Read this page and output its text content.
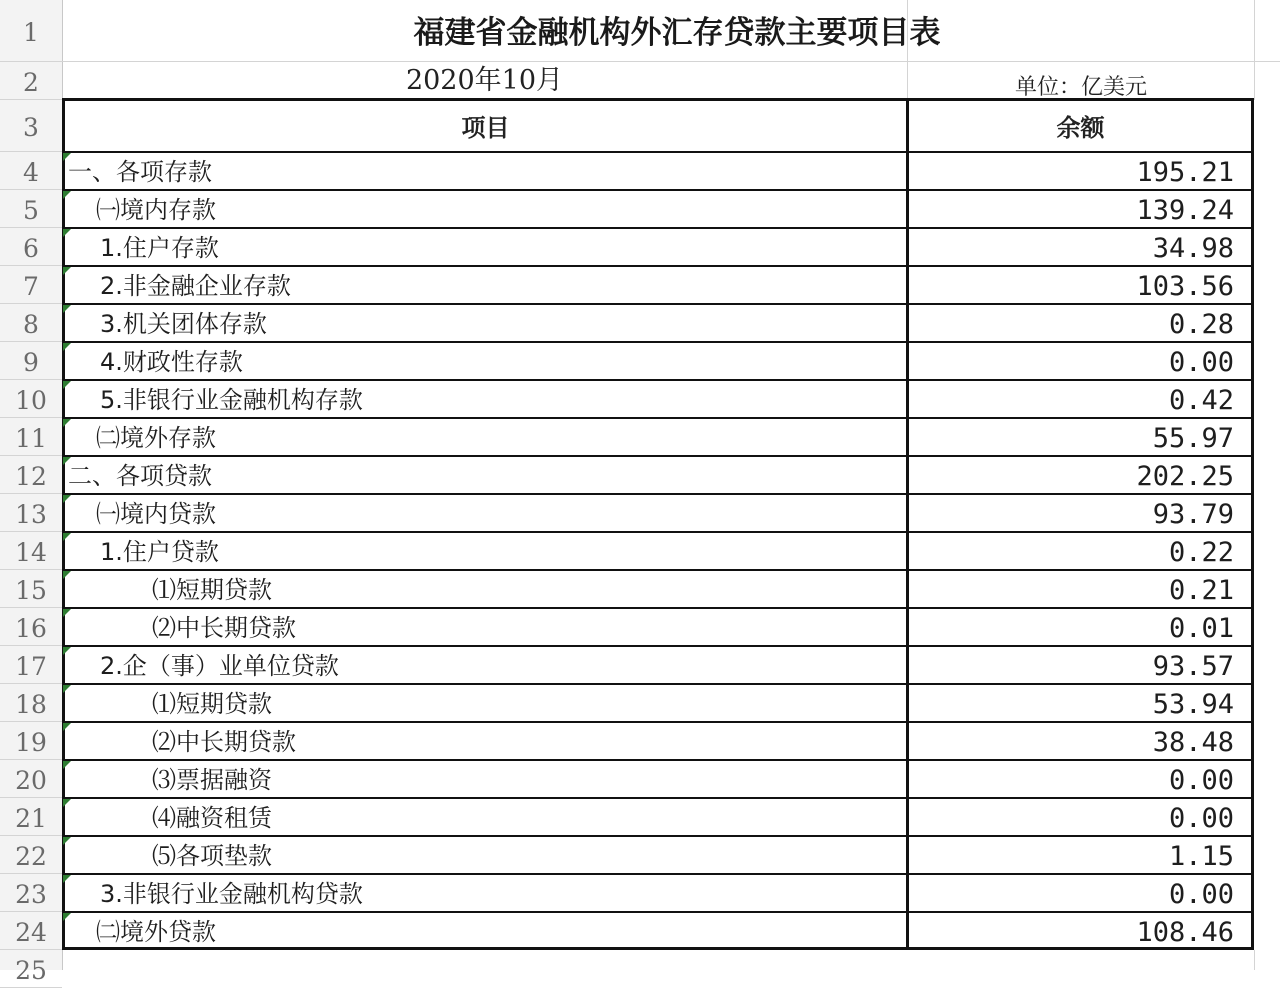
1
2
3
4
5
6
7
8
9
10
11
12
13
14
15
16
17
18
19
20
21
22
23
24
25
福建省金融机构外汇存贷款主要项目表
2020年10月	单位：亿美元
项目	余额
一、各项存款	195.21
㈠境内存款	139.24
1.住户存款	34.98
2.非金融企业存款	103.56
3.机关团体存款	0.28
4.财政性存款	0.00
5.非银行业金融机构存款	0.42
㈡境外存款	55.97
二、各项贷款	202.25
㈠境内贷款	93.79
1.住户贷款	0.22
⑴短期贷款	0.21
⑵中长期贷款	0.01
2.企（事）业单位贷款	93.57
⑴短期贷款	53.94
⑵中长期贷款	38.48
⑶票据融资	0.00
⑷融资租赁	0.00
⑸各项垫款	1.15
3.非银行业金融机构贷款	0.00
㈡境外贷款	108.46
